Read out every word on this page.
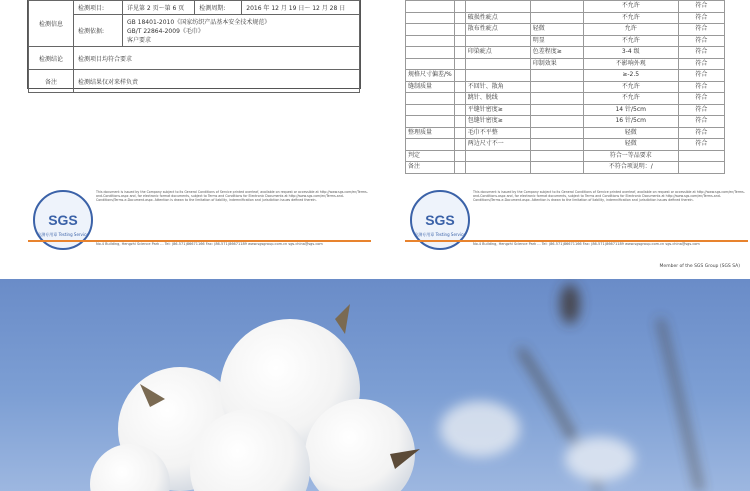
检测信息	检测项目:	详见第 2 页～第 6 页	检测周期:	2016 年 12 月 19 日～ 12 月 28 日
	检测依据:	GB 18401-2010《国家纺织产品基本安全技术规范》
GB/T 22864-2009《毛巾》
客户要求		

检测结论	检测项目均符合要求			
备注	检测结果仅对来样负责			
SGS
检测专用章 Testing Service
This document is issued by the Company subject to its General Conditions of Service printed overleaf, available on request or accessible at http://www.sgs.com/en/Terms-and-Conditions.aspx and, for electronic format documents, subject to Terms and Conditions for Electronic Documents at http://www.sgs.com/en/Terms-and-Conditions/Terms-e-Document.aspx. Attention is drawn to the limitation of liability, indemnification and jurisdiction issues defined therein.
No.4 Building, Hengzhi Science Park ... Tel: (86-571)86671166 Fax: (86-571)86671189 www.sgsgroup.com.cn sgs.china@sgs.com
				不允许	符合
		破损性疵点		不允许	符合
		散布性疵点	轻微	允许	符合
			明显	不允许	符合
		印染疵点	色差程度≥	3-4 级	符合
			印制效果	不影响外观	符合
规格尺寸偏差/%				≥-2.5	符合
缝制质量		不回针、散角		不允许	符合
		跳针、脱线		不允许	符合
		平缝针密度≥		14 针/5cm	符合
		包缝针密度≥		16 针/5cm	符合
整理质量		毛巾不平整		轻微	符合
		两边尺寸不一		轻微	符合
判定				符合一等品要求	
备注				不符合项说明：/	
SGS
检测专用章 Testing Service
This document is issued by the Company subject to its General Conditions of Service printed overleaf, available on request or accessible at http://www.sgs.com/en/Terms-and-Conditions.aspx and, for electronic format documents, subject to Terms and Conditions for Electronic Documents at http://www.sgs.com/en/Terms-and-Conditions/Terms-e-Document.aspx. Attention is drawn to the limitation of liability, indemnification and jurisdiction issues defined therein.
No.4 Building, Hengzhi Science Park ... Tel: (86-571)86671166 Fax: (86-571)86671189 www.sgsgroup.com.cn sgs.china@sgs.com
Member of the SGS Group (SGS SA)
